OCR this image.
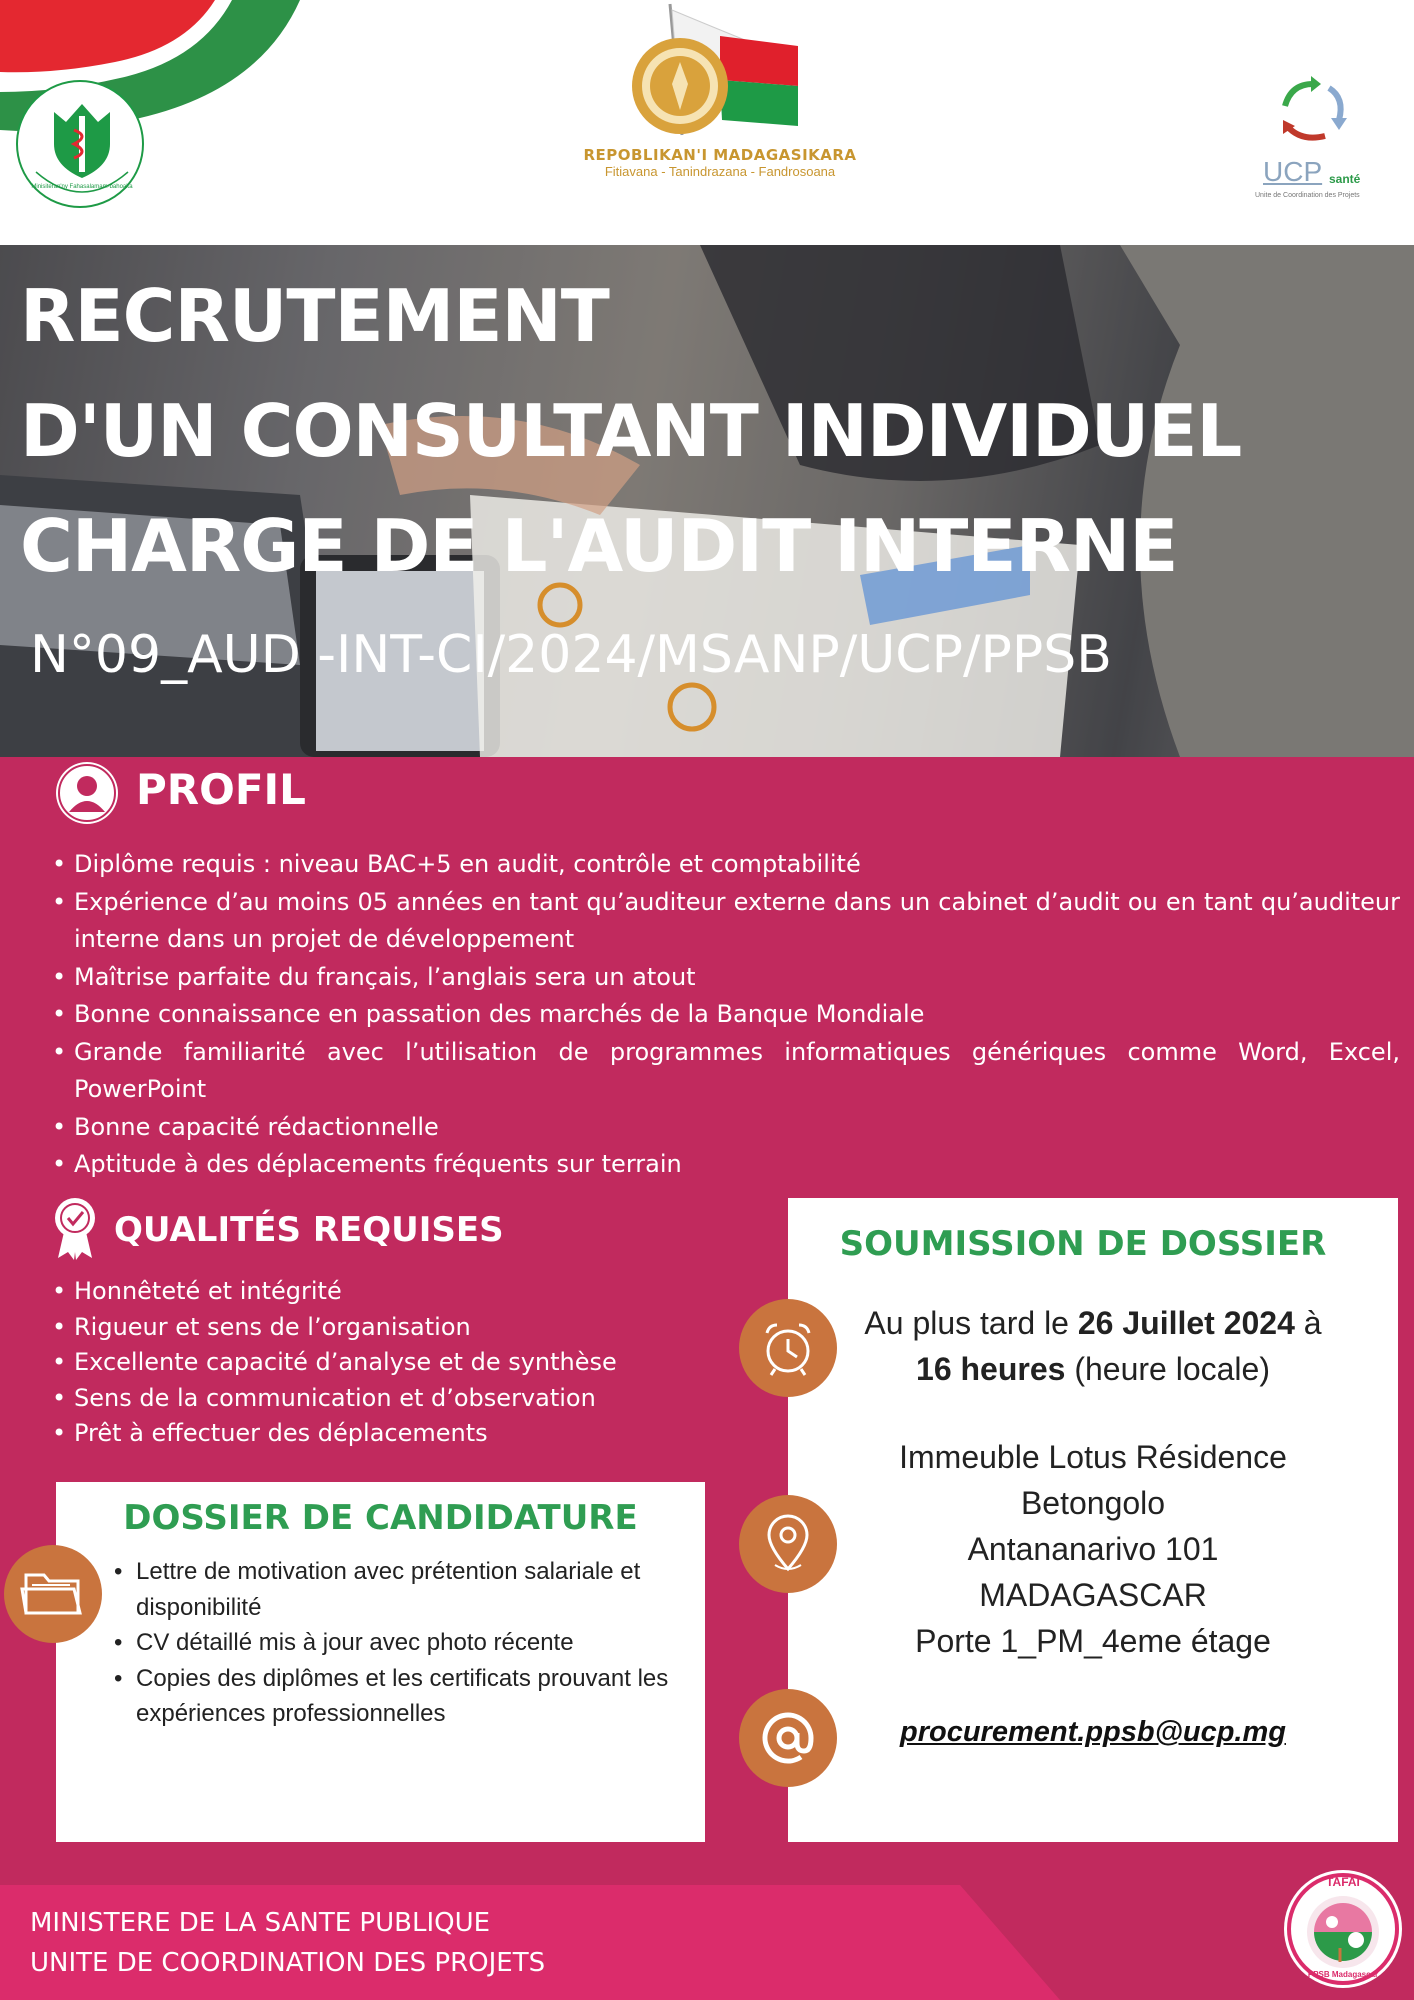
Minisiteran'ny Fahasalamam-bahoaka
REPOBLIKAN'I MADAGASIKARA
Fitiavana - Tanindrazana - Fandrosoana	UCP santé
Unite de Coordination des Projets
RECRUTEMENT
D'UN CONSULTANT INDIVIDUEL
CHARGE DE L'AUDIT INTERNE
N°09_AUD -INT-CI/2024/MSANP/UCP/PPSB
PROFIL
• Diplôme requis : niveau BAC+5 en audit, contrôle et comptabilité
• Expérience d’au moins 05 années en tant qu’auditeur externe dans un cabinet d’audit ou en tant qu’auditeur interne dans un projet de développement
• Maîtrise parfaite du français, l’anglais sera un atout
• Bonne connaissance en passation des marchés de la Banque Mondiale
• Grande familiarité avec l’utilisation de programmes informatiques génériques comme Word, Excel, PowerPoint
• Bonne capacité rédactionnelle
• Aptitude à des déplacements fréquents sur terrain
QUALITÉS REQUISES
• Honnêteté et intégrité
• Rigueur et sens de l’organisation
• Excellente capacité d’analyse et de synthèse
• Sens de la communication et d’observation
• Prêt à effectuer des déplacements
DOSSIER DE CANDIDATURE
• Lettre de motivation avec prétention salariale et disponibilité
• CV détaillé mis à jour avec photo récente
• Copies des diplômes et les certificats prouvant les expériences professionnelles
SOUMISSION DE DOSSIER
Au plus tard le 26 Juillet 2024 à
16 heures (heure locale)
Immeuble Lotus Résidence
Betongolo
Antananarivo 101
MADAGASCAR
Porte 1_PM_4eme étage
procurement.ppsb@ucp.mg
MINISTERE DE LA SANTE PUBLIQUE
UNITE DE COORDINATION DES PROJETS
TAFAI
PPSB Madagascar
